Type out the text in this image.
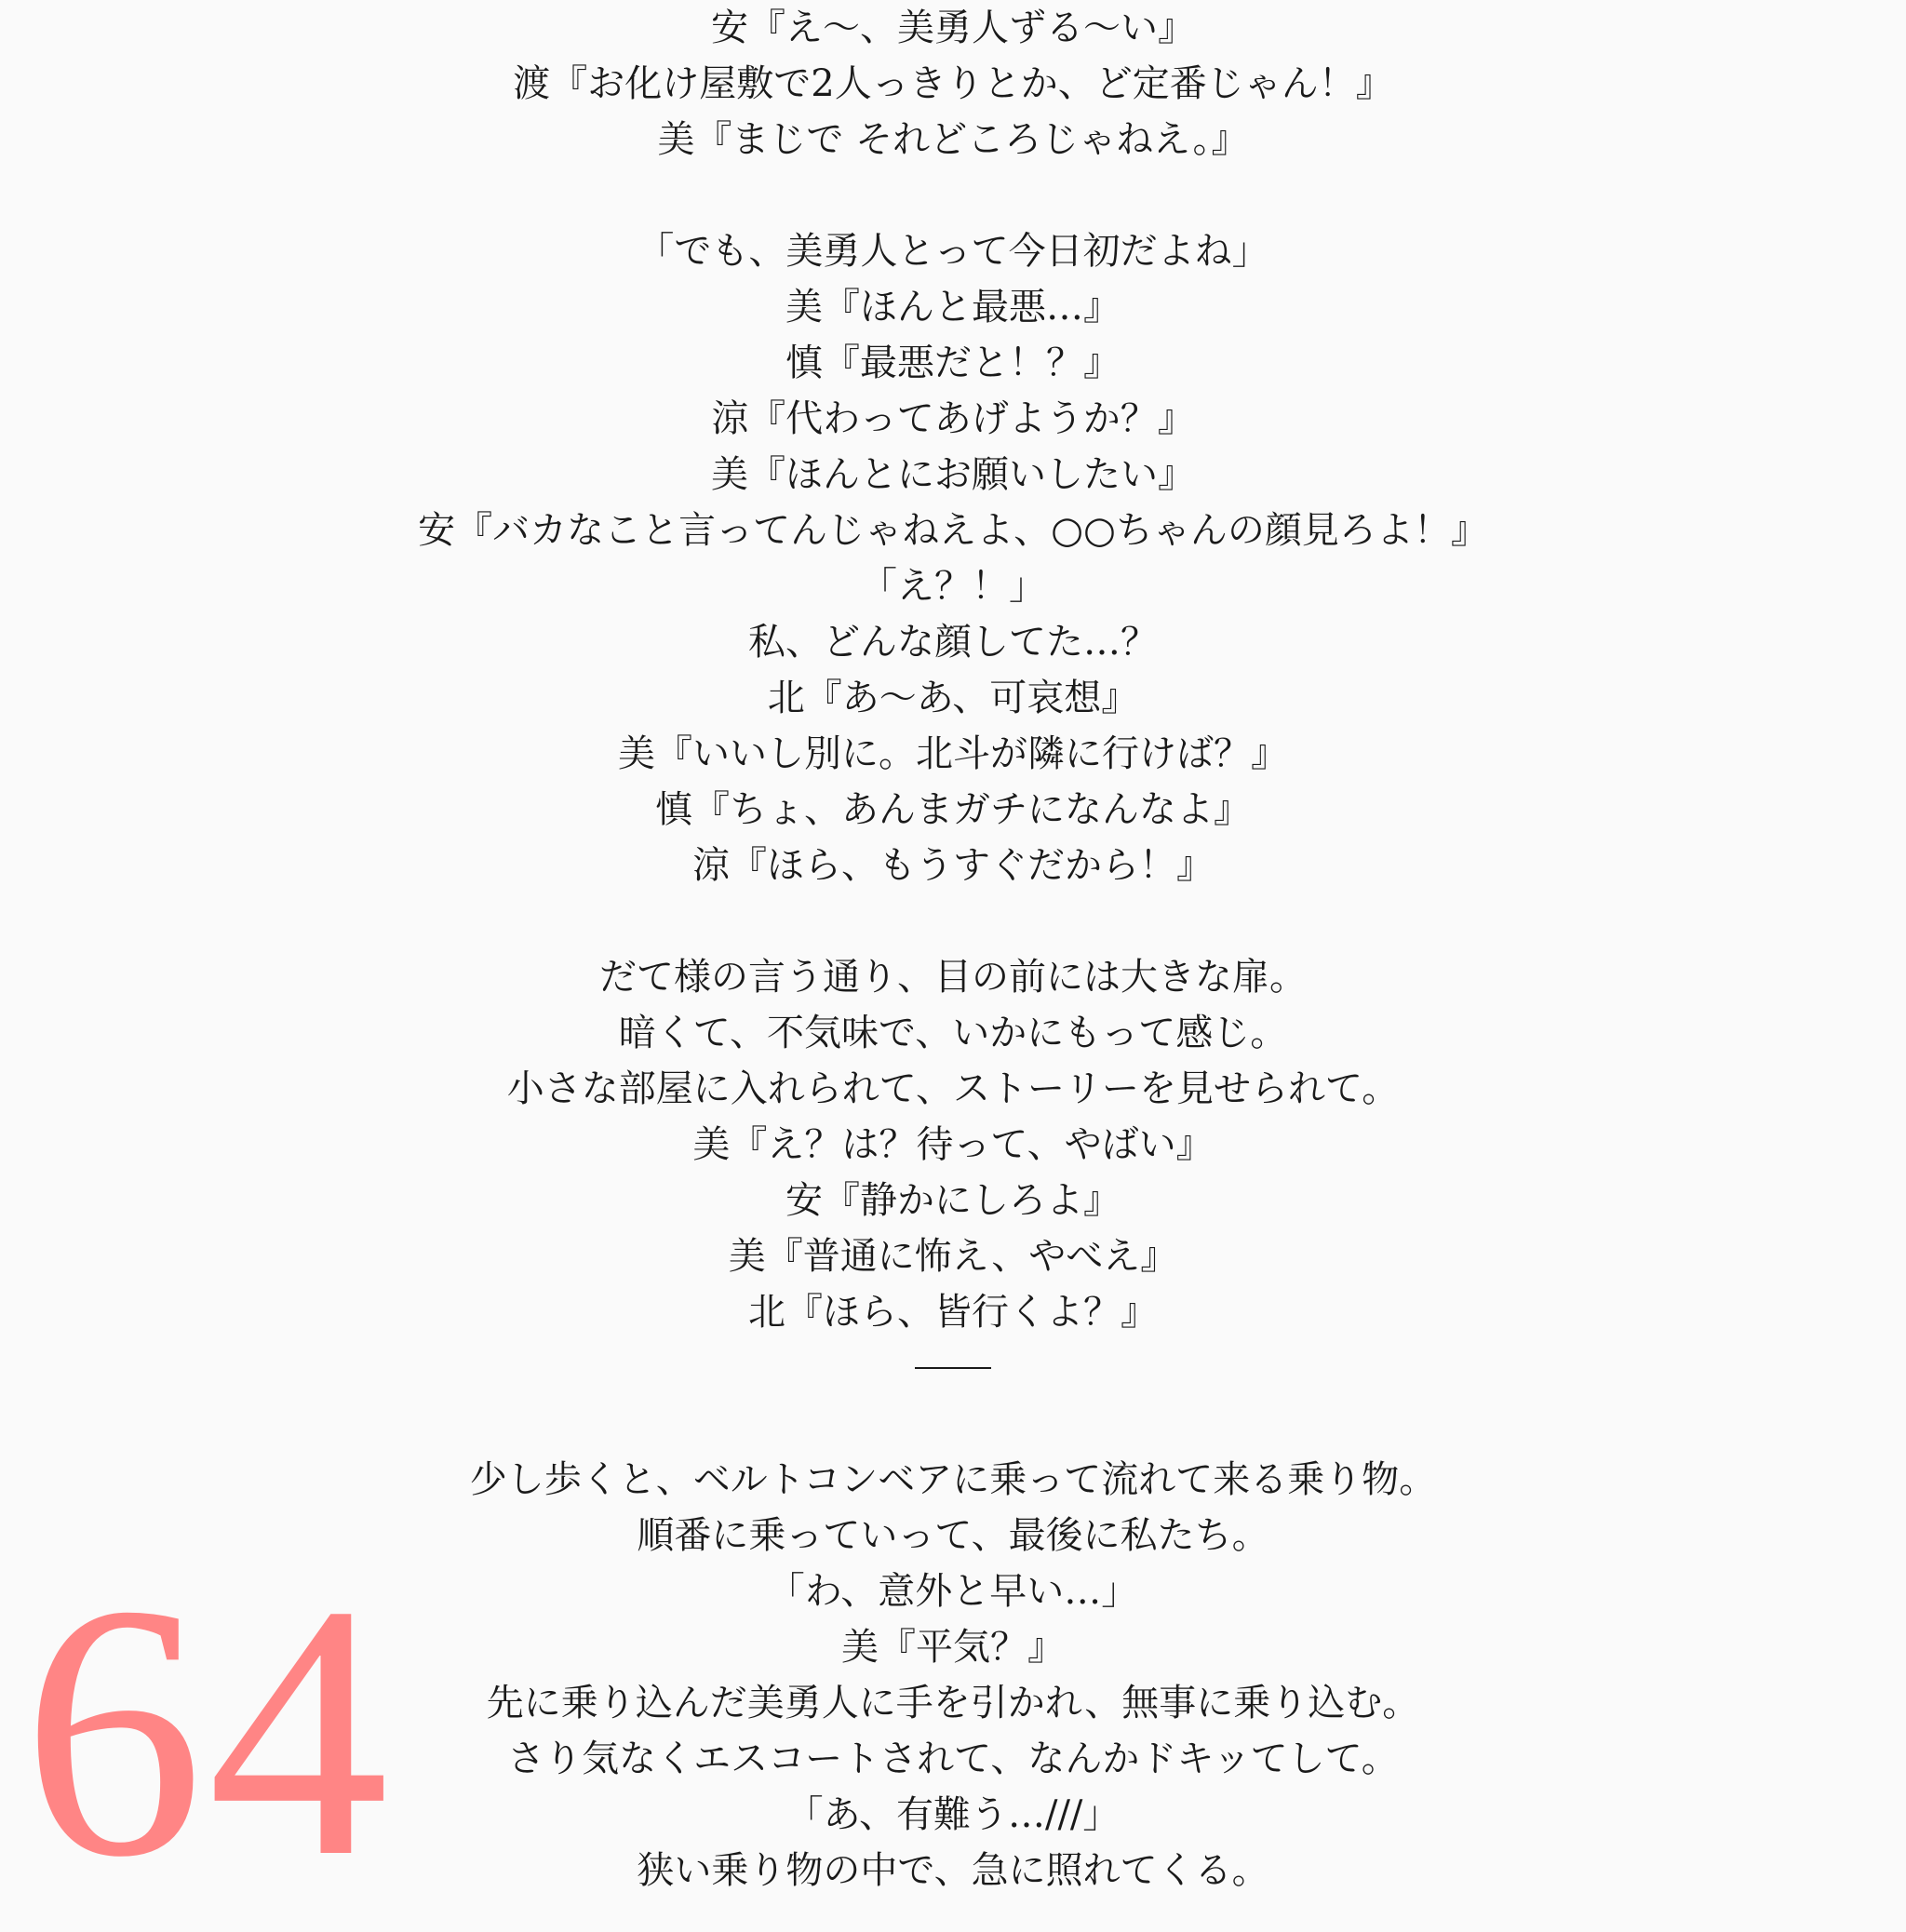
安『え〜、美勇人ずる〜い』
渡『お化け屋敷で2人っきりとか、ど定番じゃん！』
美『まじで それどころじゃねえ。』
「でも、美勇人とって今日初だよね」
美『ほんと最悪…』
慎『最悪だと！？』
涼『代わってあげようか？』
美『ほんとにお願いしたい』
安『バカなこと言ってんじゃねえよ、○○ちゃんの顔見ろよ！』
「え？！」
私、どんな顔してた…？
北『あ〜あ、可哀想』
美『いいし別に。北斗が隣に行けば？』
慎『ちょ、あんまガチになんなよ』
涼『ほら、もうすぐだから！』
だて様の言う通り、目の前には大きな扉。
暗くて、不気味で、いかにもって感じ。
小さな部屋に入れられて、ストーリーを見せられて。
美『え？は？待って、やばい』
安『静かにしろよ』
美『普通に怖え、やべえ』
北『ほら、皆行くよ？』
少し歩くと、ベルトコンベアに乗って流れて来る乗り物。
順番に乗っていって、最後に私たち。
「わ、意外と早い…」
美『平気？』
先に乗り込んだ美勇人に手を引かれ、無事に乗り込む。
さり気なくエスコートされて、なんかドキッてして。
「あ、有難う…///」
狭い乗り物の中で、急に照れてくる。
64
